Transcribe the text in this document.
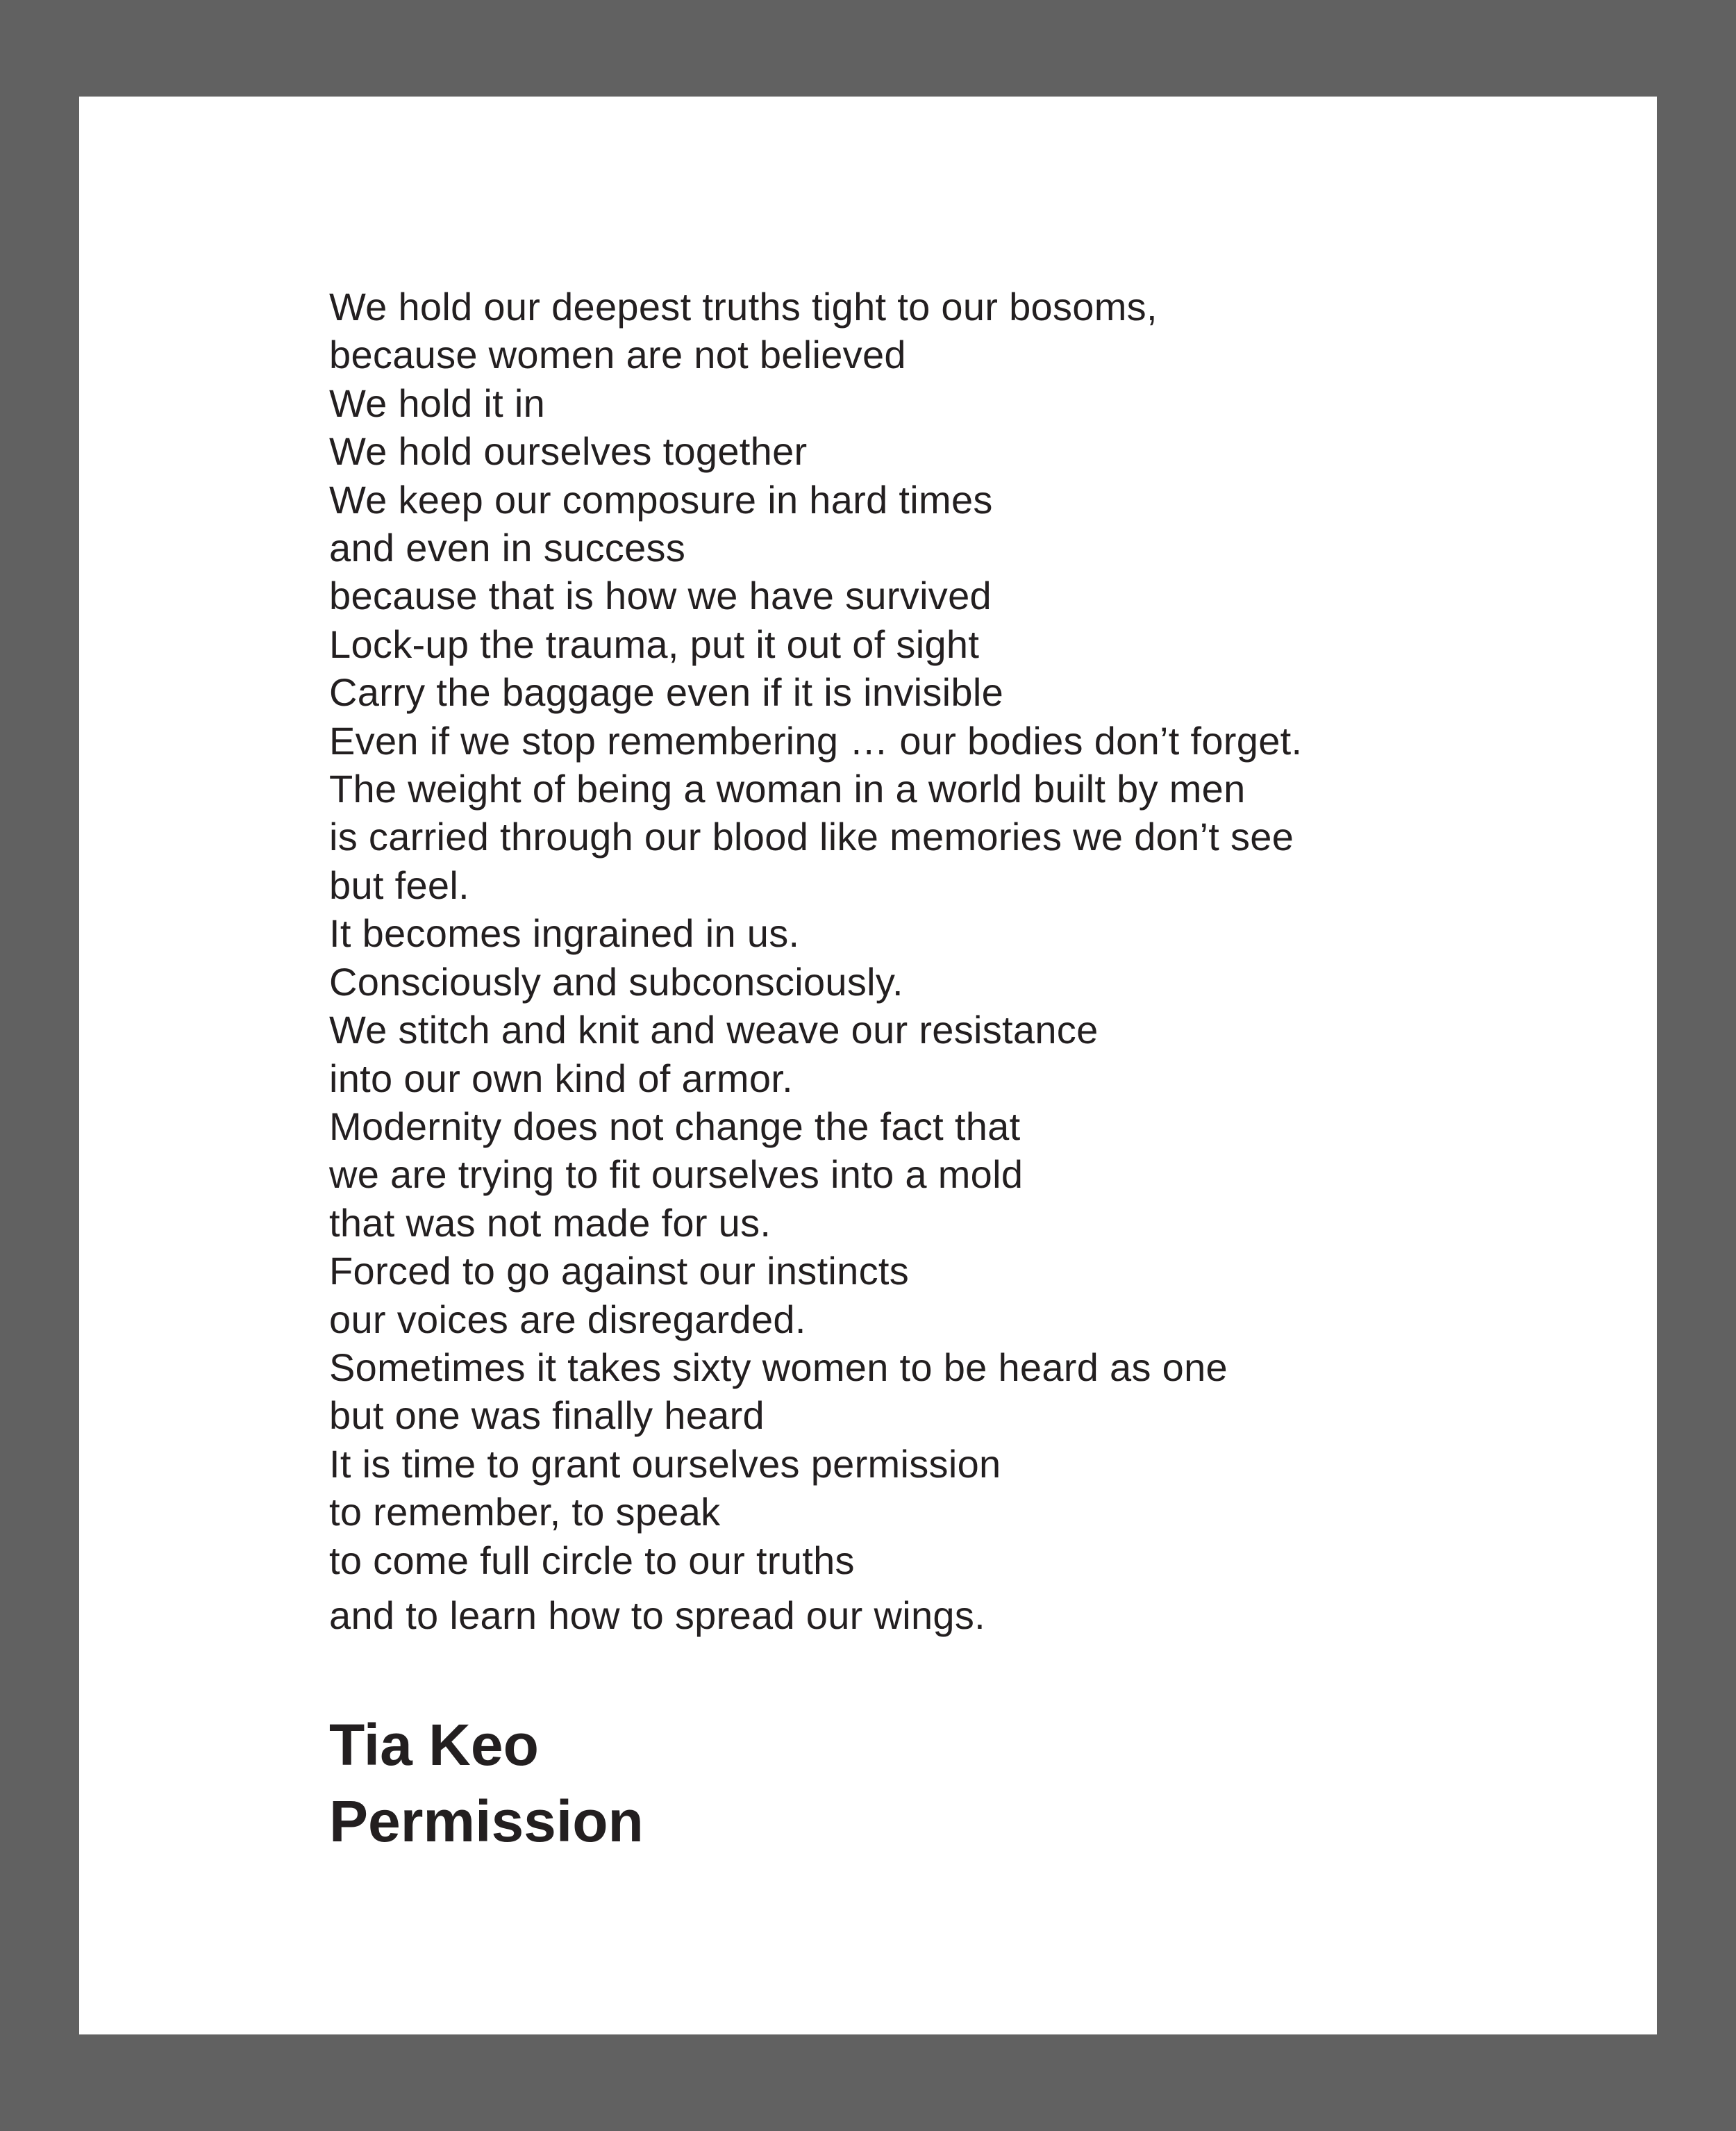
We hold our deepest truths tight to our bosoms,
because women are not believed
We hold it in
We hold ourselves together
We keep our composure in hard times
and even in success
because that is how we have survived
Lock-up the trauma, put it out of sight
Carry the baggage even if it is invisible
Even if we stop remembering … our bodies don’t forget.
The weight of being a woman in a world built by men
is carried through our blood like memories we don’t see
but feel.
It becomes ingrained in us.
Consciously and subconsciously.
We stitch and knit and weave our resistance
into our own kind of armor.
Modernity does not change the fact that
we are trying to fit ourselves into a mold
that was not made for us.
Forced to go against our instincts
our voices are disregarded.
Sometimes it takes sixty women to be heard as one
but one was finally heard
It is time to grant ourselves permission
to remember, to speak
to come full circle to our truths
and to learn how to spread our wings.
Tia Keo
Permission
